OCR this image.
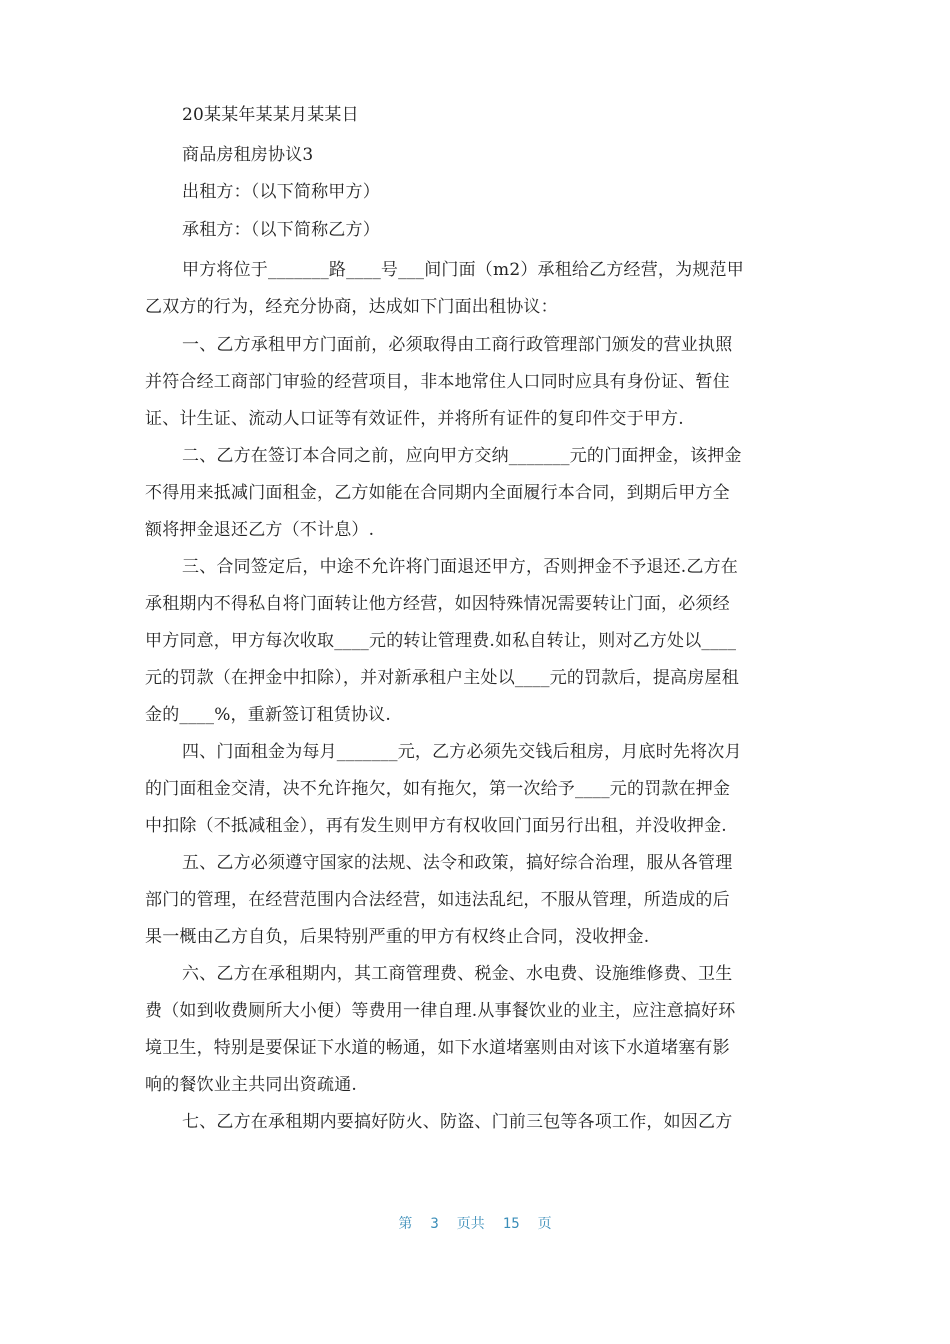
20某某年某某月某某日
商品房租房协议3
出租方：（以下简称甲方）
承租方：（以下简称乙方）
甲方将位于_______路____号___间门面（m2）承租给乙方经营，为规范甲
乙双方的行为，经充分协商，达成如下门面出租协议：
一、乙方承租甲方门面前，必须取得由工商行政管理部门颁发的营业执照
并符合经工商部门审验的经营项目，非本地常住人口同时应具有身份证、暂住
证、计生证、流动人口证等有效证件，并将所有证件的复印件交于甲方.
二、乙方在签订本合同之前，应向甲方交纳_______元的门面押金，该押金
不得用来抵减门面租金，乙方如能在合同期内全面履行本合同，到期后甲方全
额将押金退还乙方（不计息）.
三、合同签定后，中途不允许将门面退还甲方，否则押金不予退还.乙方在
承租期内不得私自将门面转让他方经营，如因特殊情况需要转让门面，必须经
甲方同意，甲方每次收取____元的转让管理费.如私自转让，则对乙方处以____
元的罚款（在押金中扣除），并对新承租户主处以____元的罚款后，提高房屋租
金的____%，重新签订租赁协议.
四、门面租金为每月_______元，乙方必须先交钱后租房，月底时先将次月
的门面租金交清，决不允许拖欠，如有拖欠，第一次给予____元的罚款在押金
中扣除（不抵减租金），再有发生则甲方有权收回门面另行出租，并没收押金.
五、乙方必须遵守国家的法规、法令和政策，搞好综合治理，服从各管理
部门的管理，在经营范围内合法经营，如违法乱纪，不服从管理，所造成的后
果一概由乙方自负，后果特别严重的甲方有权终止合同，没收押金.
六、乙方在承租期内，其工商管理费、税金、水电费、设施维修费、卫生
费（如到收费厕所大小便）等费用一律自理.从事餐饮业的业主，应注意搞好环
境卫生，特别是要保证下水道的畅通，如下水道堵塞则由对该下水道堵塞有影
响的餐饮业主共同出资疏通.
七、乙方在承租期内要搞好防火、防盗、门前三包等各项工作，如因乙方
第 3 页共 15 页
